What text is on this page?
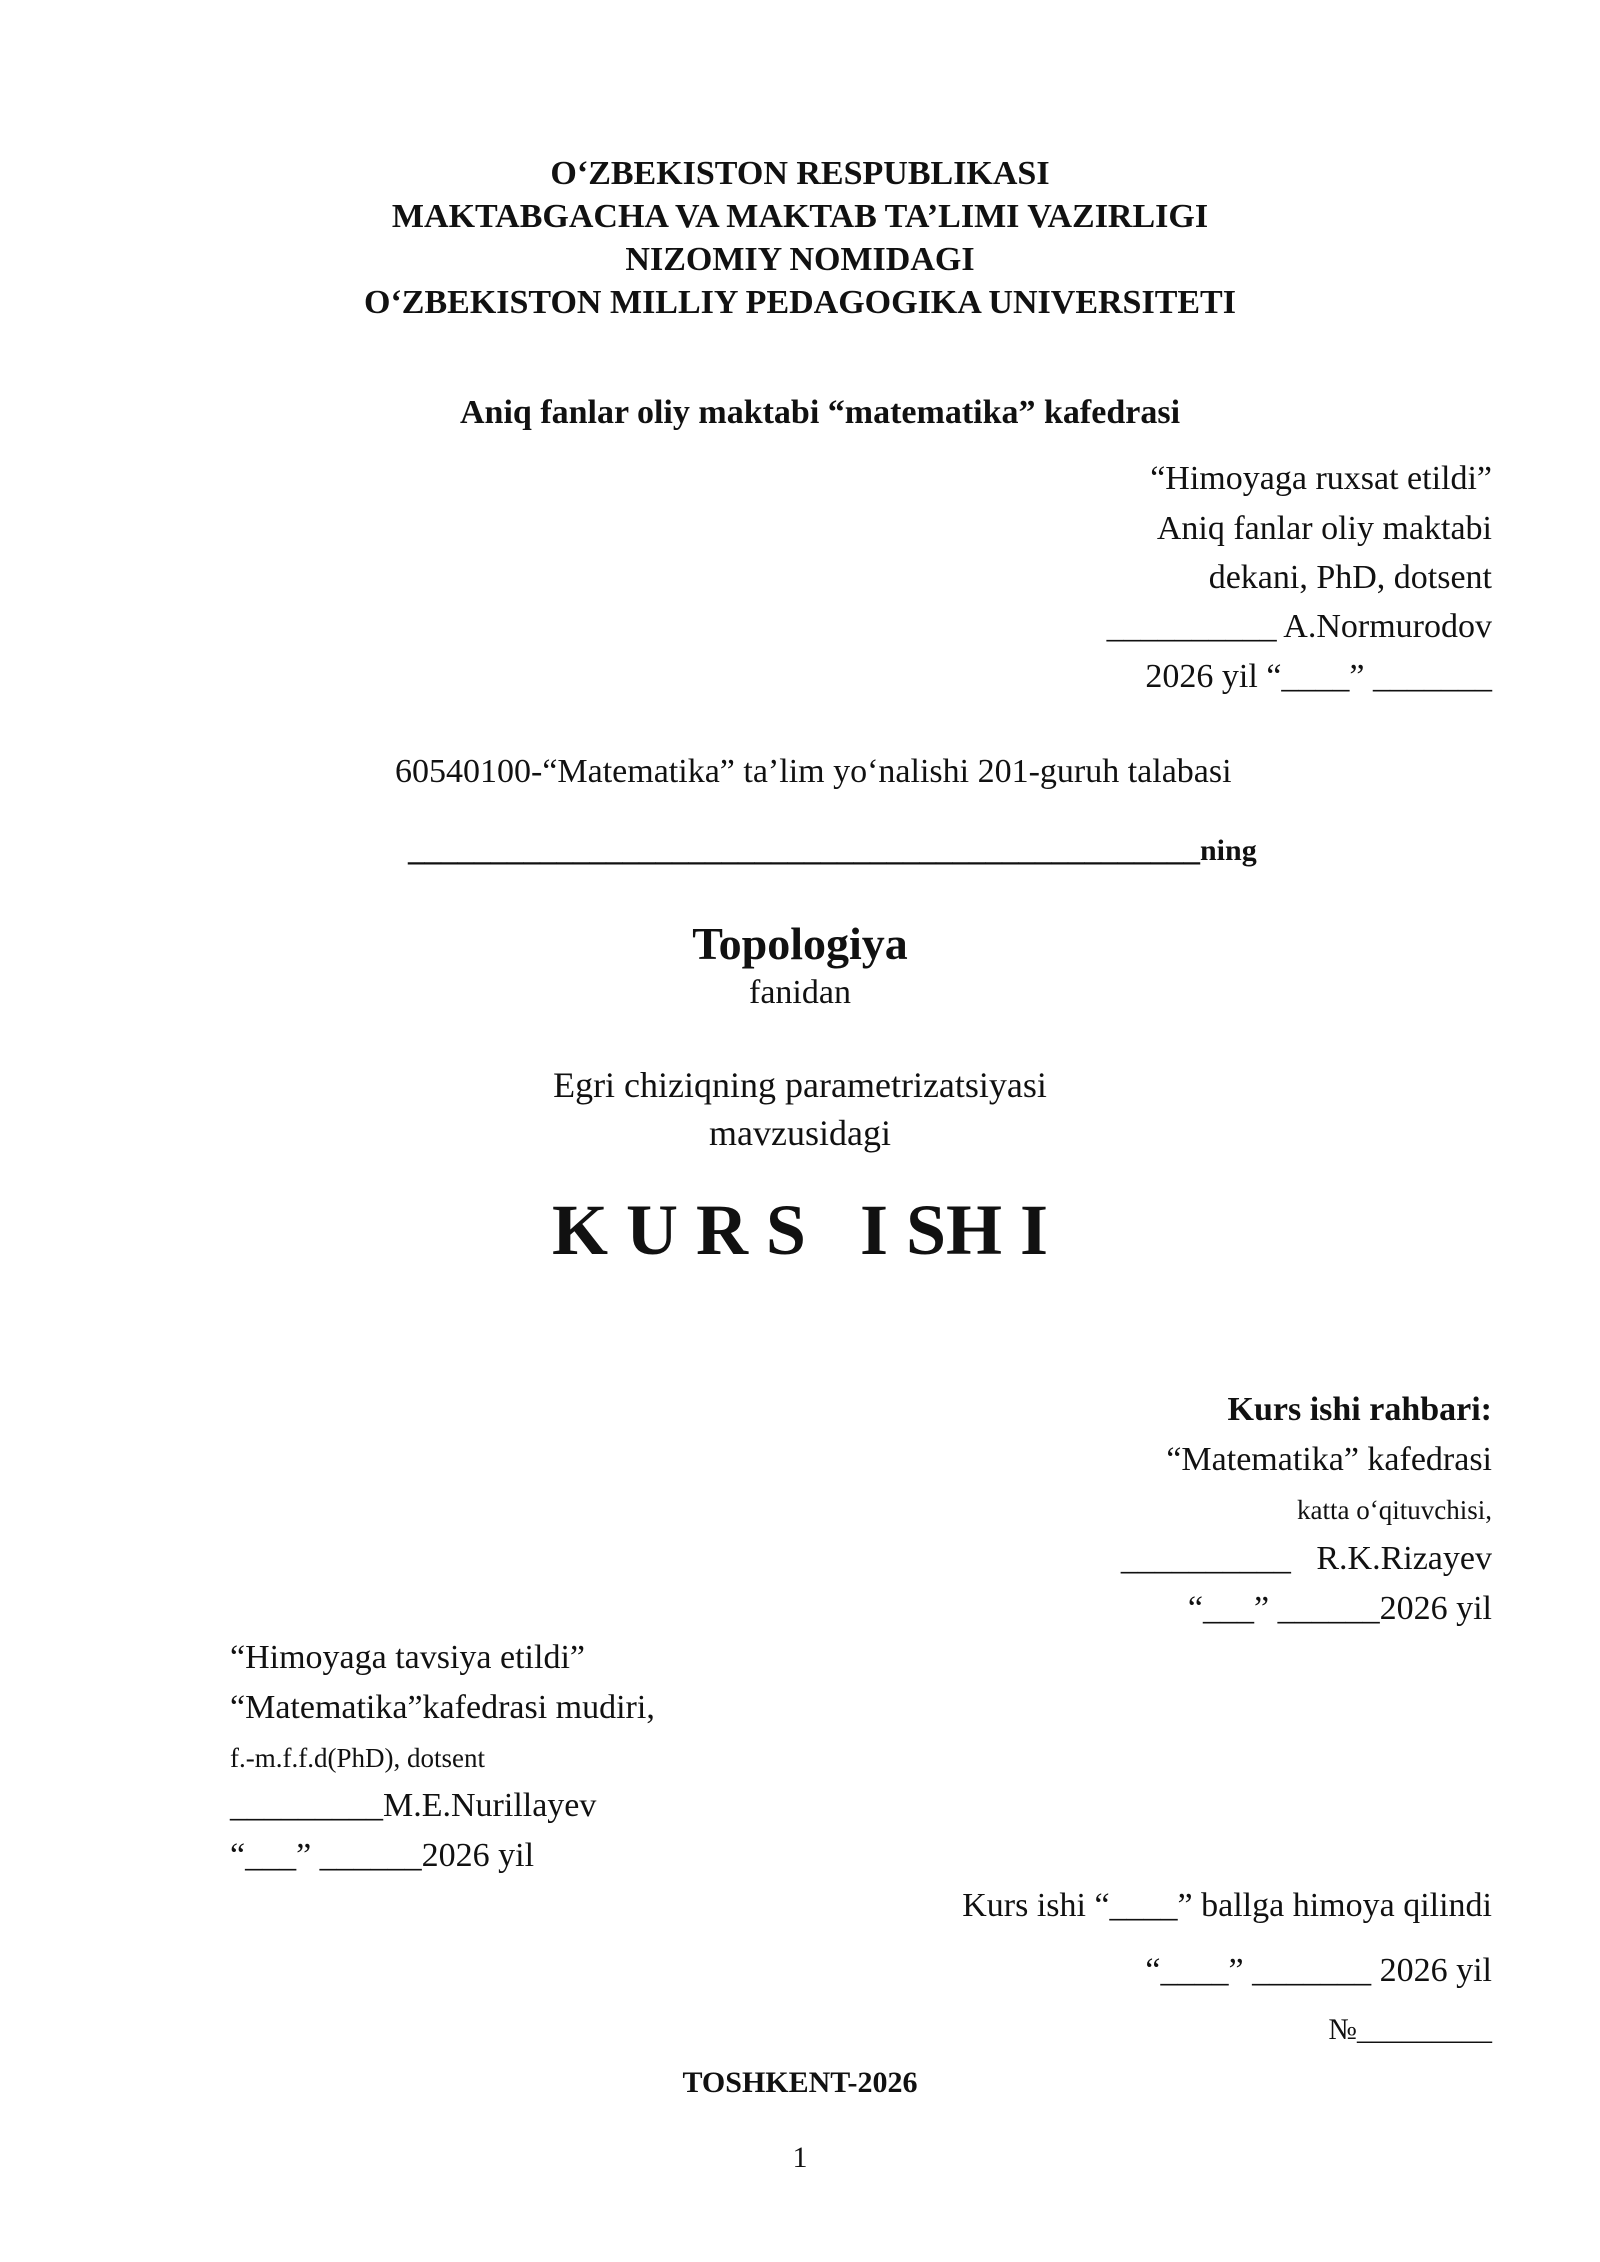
O‘ZBEKISTON RESPUBLIKASI
MAKTABGACHA VA MAKTAB TA’LIMI VAZIRLIGI
NIZOMIY NOMIDAGI
O‘ZBEKISTON MILLIY PEDAGOGIKA UNIVERSITETI
Aniq fanlar oliy maktabi “matematika” kafedrasi
“Himoyaga ruxsat etildi”
Aniq fanlar oliy maktabi
dekani, PhD, dotsent
__________ A.Normurodov
2026 yil “____” _______
60540100-“Matematika” ta’lim yo‘nalishi 201-guruh talabasi
________________________________________________ning
Topologiya
fanidan
Egri chiziqning parametrizatsiyasi
mavzusidagi
K U R S   I SH I
Kurs ishi rahbari:
“Matematika” kafedrasi
katta o‘qituvchisi,
__________   R.K.Rizayev
“___” ______2026 yil
“Himoyaga tavsiya etildi”
“Matematika”kafedrasi mudiri,
f.-m.f.f.d(PhD), dotsent
_________M.E.Nurillayev
“___” ______2026 yil
Kurs ishi “____” ballga himoya qilindi
“____” _______ 2026 yil
№_________
TOSHKENT-2026
1
